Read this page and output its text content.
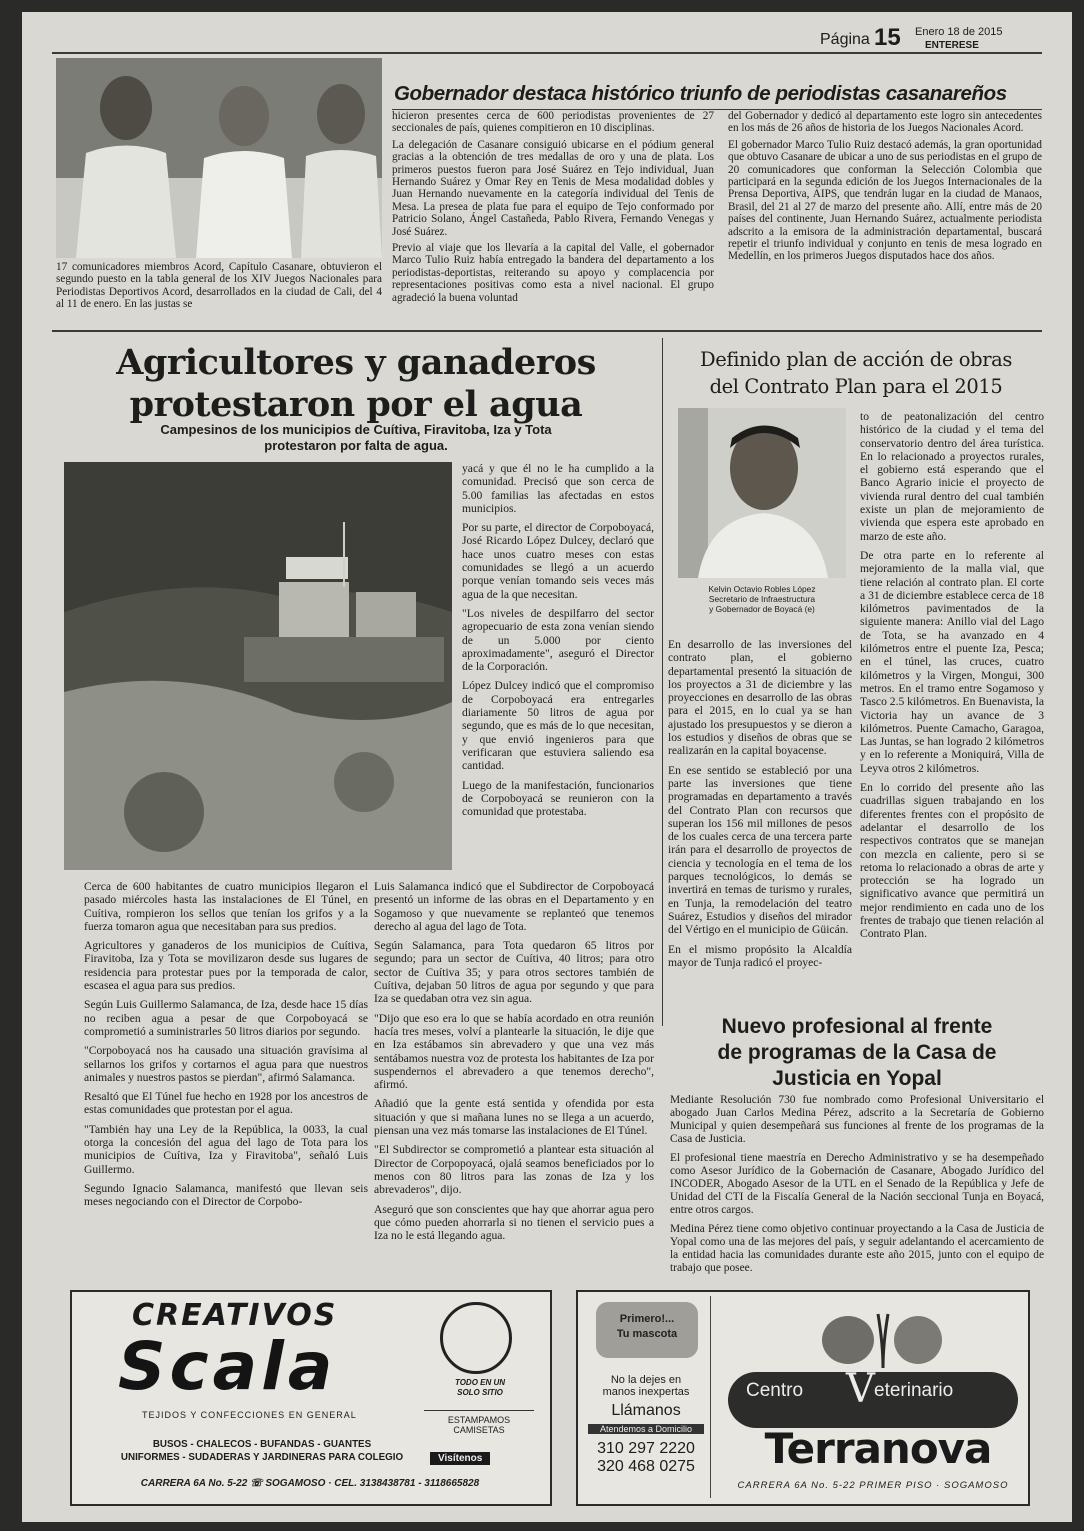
Página 15 Enero 18 de 2015
ENTERESE
Gobernador destaca histórico triunfo de periodistas casanareños

17 comunicadores miembros Acord, Capítulo Casanare, obtuvieron el segundo puesto en la tabla general de los XIV Juegos Nacionales para Periodistas Deportivos Acord, desarrollados en la ciudad de Cali, del 4 al 11 de enero. En las justas se

hicieron presentes cerca de 600 periodistas provenientes de 27 seccionales de país, quienes compitieron en 10 disciplinas.

La delegación de Casanare consiguió ubicarse en el pódium general gracias a la obtención de tres medallas de oro y una de plata. Los primeros puestos fueron para José Suárez en Tejo individual, Juan Hernando Suárez y Omar Rey en Tenis de Mesa modalidad dobles y Juan Hernando nuevamente en la categoría individual del Tenis de Mesa. La presea de plata fue para el equipo de Tejo conformado por Patricio Solano, Ángel Castañeda, Pablo Rivera, Fernando Venegas y José Suárez.

Previo al viaje que los llevaría a la capital del Valle, el gobernador Marco Tulio Ruiz había entregado la bandera del departamento a los periodistas-deportistas, reiterando su apoyo y complacencia por representaciones positivas como esta a nivel nacional. El grupo agradeció la buena voluntad

del Gobernador y dedicó al departamento este logro sin antecedentes en los más de 26 años de historia de los Juegos Nacionales Acord.

El gobernador Marco Tulio Ruiz destacó además, la gran oportunidad que obtuvo Casanare de ubicar a uno de sus periodistas en el grupo de 20 comunicadores que conforman la Selección Colombia que participará en la segunda edición de los Juegos Internacionales de la Prensa Deportiva, AIPS, que tendrán lugar en la ciudad de Manaos, Brasil, del 21 al 27 de marzo del presente año. Allí, entre más de 20 países del continente, Juan Hernando Suárez, actualmente periodista adscrito a la emisora de la administración departamental, buscará repetir el triunfo individual y conjunto en tenis de mesa logrado en Medellín, en los primeros Juegos disputados hace dos años.

Agricultores y ganaderos
protestaron por el agua
Campesinos de los municipios de Cuítiva, Firavitoba, Iza y Tota
protestaron por falta de agua.

yacá y que él no le ha cumplido a la comunidad. Precisó que son cerca de 5.00 familias las afectadas en estos municipios.

Por su parte, el director de Corpoboyacá, José Ricardo López Dulcey, declaró que hace unos cuatro meses con estas comunidades se llegó a un acuerdo porque venían tomando seis veces más agua de la que necesitan.

"Los niveles de despilfarro del sector agropecuario de esta zona venían siendo de un 5.000 por ciento aproximadamente", aseguró el Director de la Corporación.

López Dulcey indicó que el compromiso de Corpoboyacá era entregarles diariamente 50 litros de agua por segundo, que es más de lo que necesitan, y que envió ingenieros para que verificaran que estuviera saliendo esa cantidad.

Luego de la manifestación, funcionarios de Corpoboyacá se reunieron con la comunidad que protestaba.

Cerca de 600 habitantes de cuatro municipios llegaron el pasado miércoles hasta las instalaciones de El Túnel, en Cuítiva, rompieron los sellos que tenían los grifos y a la fuerza tomaron agua que necesitaban para sus predios.

Agricultores y ganaderos de los municipios de Cuítiva, Firavitoba, Iza y Tota se movilizaron desde sus lugares de residencia para protestar pues por la temporada de calor, escasea el agua para sus predios.

Según Luis Guillermo Salamanca, de Iza, desde hace 15 días no reciben agua a pesar de que Corpoboyacá se comprometió a suministrarles 50 litros diarios por segundo.

"Corpoboyacá nos ha causado una situación gravísima al sellarnos los grifos y cortarnos el agua para que nuestros animales y nuestros pastos se pierdan", afirmó Salamanca.

Resaltó que El Túnel fue hecho en 1928 por los ancestros de estas comunidades que protestan por el agua.

"También hay una Ley de la República, la 0033, la cual otorga la concesión del agua del lago de Tota para los municipios de Cuítiva, Iza y Firavitoba", señaló Luis Guillermo.

Segundo Ignacio Salamanca, manifestó que llevan seis meses negociando con el Director de Corpobo-

Luis Salamanca indicó que el Subdirector de Corpoboyacá presentó un informe de las obras en el Departamento y en Sogamoso y que nuevamente se replanteó que tenemos derecho al agua del lago de Tota.

Según Salamanca, para Tota quedaron 65 litros por segundo; para un sector de Cuítiva, 40 litros; para otro sector de Cuítiva 35; y para otros sectores también de Cuítiva, dejaban 50 litros de agua por segundo y que para Iza se quedaban otra vez sin agua.

"Dijo que eso era lo que se había acordado en otra reunión hacía tres meses, volví a plantearle la situación, le dije que en Iza estábamos sin abrevadero y que una vez más sentábamos nuestra voz de protesta los habitantes de Iza por suspendernos el abrevadero a que tenemos derecho", afirmó.

Añadió que la gente está sentida y ofendida por esta situación y que si mañana lunes no se llega a un acuerdo, piensan una vez más tomarse las instalaciones de El Túnel.

"El Subdirector se comprometió a plantear esta situación al Director de Corpopoyacá, ojalá seamos beneficiados por lo menos con 80 litros para las zonas de Iza y los abrevaderos", dijo.

Aseguró que son conscientes que hay que ahorrar agua pero que cómo pueden ahorrarla si no tienen el servicio pues a Iza no le está llegando agua.

Definido plan de acción de obras
del Contrato Plan para el 2015
Kelvin Octavio Robles López
Secretario de Infraestructura
y Gobernador de Boyacá (e)

En desarrollo de las inversiones del contrato plan, el gobierno departamental presentó la situación de los proyectos a 31 de diciembre y las proyecciones en desarrollo de las obras para el 2015, en lo cual ya se han ajustado los presupuestos y se dieron a los estudios y diseños de obras que se realizarán en la capital boyacense.

En ese sentido se estableció por una parte las inversiones que tiene programadas en departamento a través del Contrato Plan con recursos que superan los 156 mil millones de pesos de los cuales cerca de una tercera parte irán para el desarrollo de proyectos de ciencia y tecnología en el tema de los parques tecnológicos, lo demás se invertirá en temas de turismo y rurales, en Tunja, la remodelación del teatro Suárez, Estudios y diseños del mirador del Vértigo en el municipio de Güicán.

En el mismo propósito la Alcaldía mayor de Tunja radicó el proyec-

to de peatonalización del centro histórico de la ciudad y el tema del conservatorio dentro del área turística. En lo relacionado a proyectos rurales, el gobierno está esperando que el Banco Agrario inicie el proyecto de vivienda rural dentro del cual también existe un plan de mejoramiento de vivienda que espera este aprobado en marzo de este año.

De otra parte en lo referente al mejoramiento de la malla vial, que tiene relación al contrato plan. El corte a 31 de diciembre establece cerca de 18 kilómetros pavimentados de la siguiente manera: Anillo vial del Lago de Tota, se ha avanzado en 4 kilómetros entre el puente Iza, Pesca; en el túnel, las cruces, cuatro kilómetros y la Virgen, Mongui, 300 metros. En el tramo entre Sogamoso y Tasco 2.5 kilómetros. En Buenavista, la Victoria hay un avance de 3 kilómetros. Puente Camacho, Garagoa, Las Juntas, se han logrado 2 kilómetros y en lo referente a Moniquirá, Villa de Leyva otros 2 kilómetros.

En lo corrido del presente año las cuadrillas siguen trabajando en los diferentes frentes con el propósito de adelantar el desarrollo de los respectivos contratos que se manejan con mezcla en caliente, pero si se retoma lo relacionado a obras de arte y protección se ha logrado un significativo avance que permitirá un mejor rendimiento en cada uno de los frentes de trabajo que tienen relación al Contrato Plan.

Nuevo profesional al frente
de programas de la Casa de
Justicia en Yopal

Mediante Resolución 730 fue nombrado como Profesional Universitario el abogado Juan Carlos Medina Pérez, adscrito a la Secretaría de Gobierno Municipal y quien desempeñará sus funciones al frente de los programas de la Casa de Justicia.

El profesional tiene maestría en Derecho Administrativo y se ha desempeñado como Asesor Jurídico de la Gobernación de Casanare, Abogado Jurídico del INCODER, Abogado Asesor de la UTL en el Senado de la República y Jefe de Unidad del CTI de la Fiscalía General de la Nación seccional Tunja en Boyacá, entre otros cargos.

Medina Pérez tiene como objetivo continuar proyectando a la Casa de Justicia de Yopal como una de las mejores del país, y seguir adelantando el acercamiento de la entidad hacia las comunidades durante este año 2015, junto con el equipo de trabajo que posee.

CREATIVOS
Scala
TEJIDOS Y CONFECCIONES EN GENERAL
TODO EN UN
SOLO SITIO
ESTAMPAMOS
CAMISETAS
BUSOS - CHALECOS - BUFANDAS - GUANTES
UNIFORMES - SUDADERAS Y JARDINERAS PARA COLEGIO	Visítenos
CARRERA 6A No. 5-22 ☏ SOGAMOSO · CEL. 3138438781 - 3118665828
Primero!...
Tu mascota
No la dejes en
manos inexpertas
Llámanos
Atendemos a Domicilio
310 297 2220
320 468 0275
Centro V eterinario
Terranova
CARRERA 6A No. 5-22 PRIMER PISO · SOGAMOSO
